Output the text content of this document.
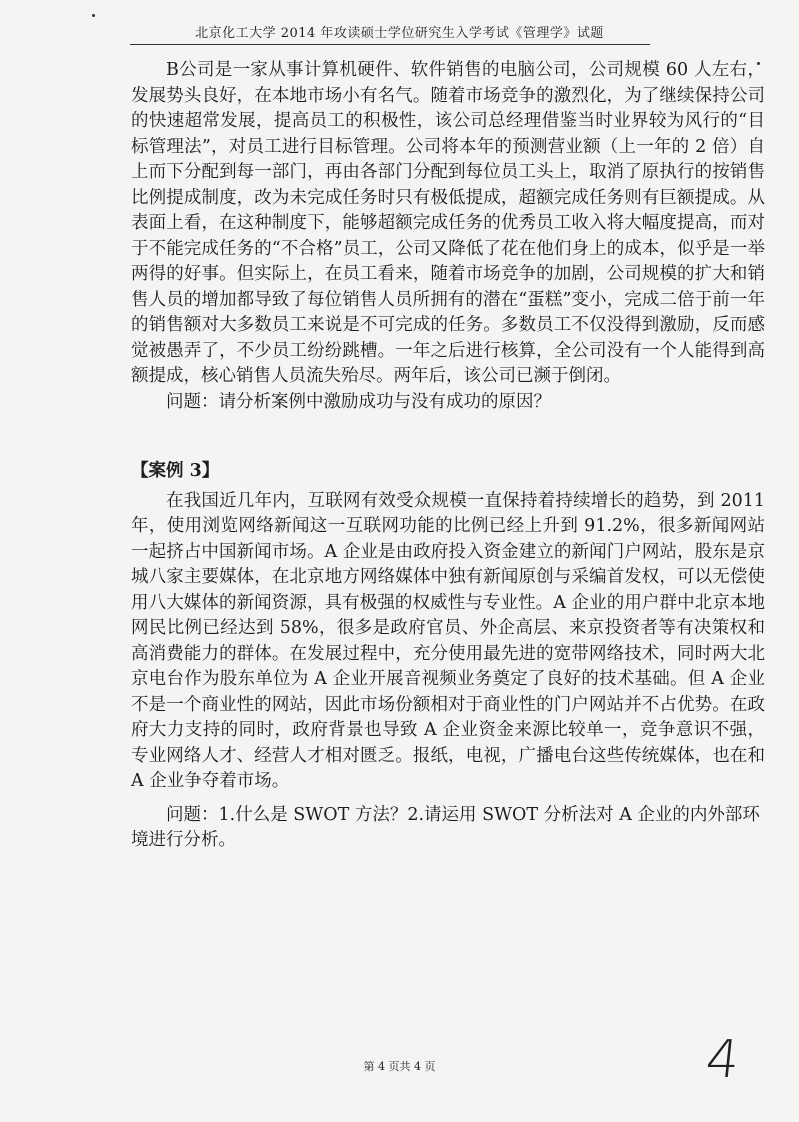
北京化工大学 2014 年攻读硕士学位研究生入学考试《管理学》试题

B公司是一家从事计算机硬件、软件销售的电脑公司，公司规模 60 人左右，发展势头良好，在本地市场小有名气。随着市场竞争的激烈化，为了继续保持公司的快速超常发展，提高员工的积极性，该公司总经理借鉴当时业界较为风行的“目标管理法”，对员工进行目标管理。公司将本年的预测营业额（上一年的 2 倍）自上而下分配到每一部门，再由各部门分配到每位员工头上，取消了原执行的按销售比例提成制度，改为未完成任务时只有极低提成，超额完成任务则有巨额提成。从表面上看，在这种制度下，能够超额完成任务的优秀员工收入将大幅度提高，而对于不能完成任务的“不合格”员工，公司又降低了花在他们身上的成本，似乎是一举两得的好事。但实际上，在员工看来，随着市场竞争的加剧，公司规模的扩大和销售人员的增加都导致了每位销售人员所拥有的潜在“蛋糕”变小，完成二倍于前一年的销售额对大多数员工来说是不可完成的任务。多数员工不仅没得到激励，反而感觉被愚弄了，不少员工纷纷跳槽。一年之后进行核算，全公司没有一个人能得到高额提成，核心销售人员流失殆尽。两年后，该公司已濒于倒闭。

问题：请分析案例中激励成功与没有成功的原因？

【案例 3】

在我国近几年内，互联网有效受众规模一直保持着持续增长的趋势，到 2011 年，使用浏览网络新闻这一互联网功能的比例已经上升到 91.2%，很多新闻网站一起挤占中国新闻市场。A 企业是由政府投入资金建立的新闻门户网站，股东是京城八家主要媒体，在北京地方网络媒体中独有新闻原创与采编首发权，可以无偿使用八大媒体的新闻资源，具有极强的权威性与专业性。A 企业的用户群中北京本地网民比例已经达到 58%，很多是政府官员、外企高层、来京投资者等有决策权和高消费能力的群体。在发展过程中，充分使用最先进的宽带网络技术，同时两大北京电台作为股东单位为 A 企业开展音视频业务奠定了良好的技术基础。但 A 企业不是一个商业性的网站，因此市场份额相对于商业性的门户网站并不占优势。在政府大力支持的同时，政府背景也导致 A 企业资金来源比较单一，竞争意识不强，专业网络人才、经营人才相对匮乏。报纸，电视，广播电台这些传统媒体，也在和 A 企业争夺着市场。

问题：1.什么是 SWOT 方法？2.请运用 SWOT 分析法对 A 企业的内外部环境进行分析。

4
第 4 页共 4 页
